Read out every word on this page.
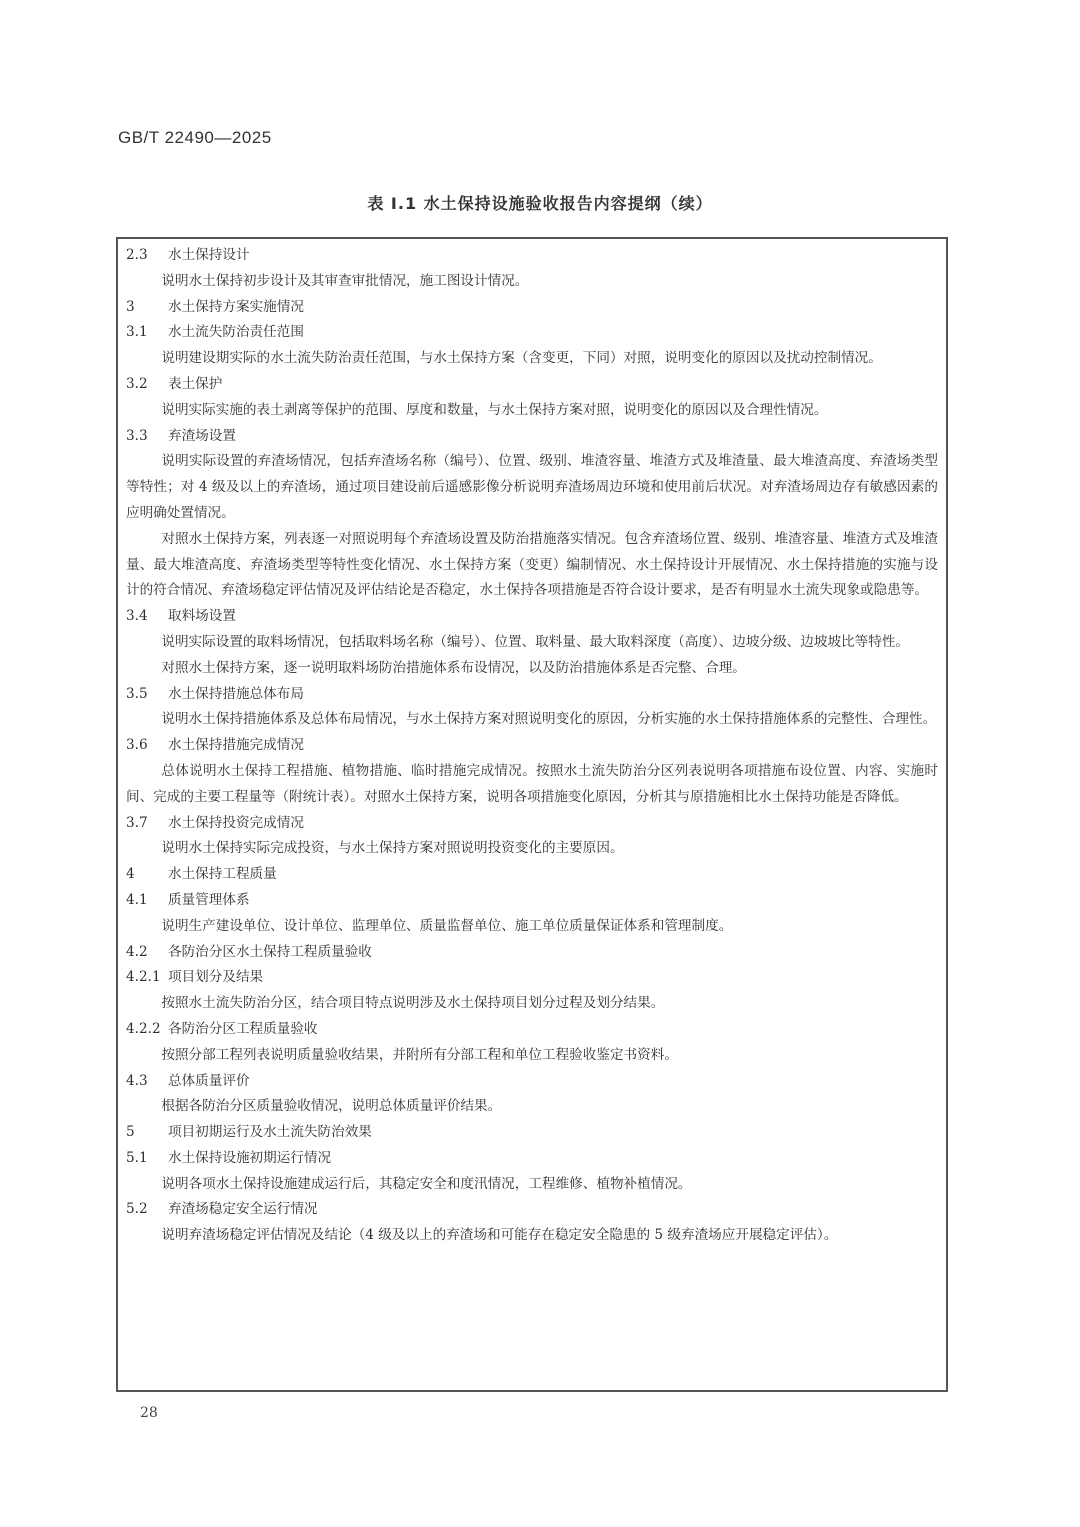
GB/T 22490—2025
表 I.1 水土保持设施验收报告内容提纲（续）

2.3 水土保持设计

说明水土保持初步设计及其审查审批情况，施工图设计情况。

3 水土保持方案实施情况

3.1 水土流失防治责任范围

说明建设期实际的水土流失防治责任范围，与水土保持方案（含变更，下同）对照，说明变化的原因以及扰动控制情况。

3.2 表土保护

说明实际实施的表土剥离等保护的范围、厚度和数量，与水土保持方案对照，说明变化的原因以及合理性情况。

3.3 弃渣场设置

说明实际设置的弃渣场情况，包括弃渣场名称（编号）、位置、级别、堆渣容量、堆渣方式及堆渣量、最大堆渣高度、弃渣场类型等特性；对 4 级及以上的弃渣场，通过项目建设前后遥感影像分析说明弃渣场周边环境和使用前后状况。对弃渣场周边存有敏感因素的应明确处置情况。

对照水土保持方案，列表逐一对照说明每个弃渣场设置及防治措施落实情况。包含弃渣场位置、级别、堆渣容量、堆渣方式及堆渣量、最大堆渣高度、弃渣场类型等特性变化情况、水土保持方案（变更）编制情况、水土保持设计开展情况、水土保持措施的实施与设计的符合情况、弃渣场稳定评估情况及评估结论是否稳定，水土保持各项措施是否符合设计要求，是否有明显水土流失现象或隐患等。

3.4 取料场设置

说明实际设置的取料场情况，包括取料场名称（编号）、位置、取料量、最大取料深度（高度）、边坡分级、边坡坡比等特性。

对照水土保持方案，逐一说明取料场防治措施体系布设情况，以及防治措施体系是否完整、合理。

3.5 水土保持措施总体布局

说明水土保持措施体系及总体布局情况，与水土保持方案对照说明变化的原因，分析实施的水土保持措施体系的完整性、合理性。

3.6 水土保持措施完成情况

总体说明水土保持工程措施、植物措施、临时措施完成情况。按照水土流失防治分区列表说明各项措施布设位置、内容、实施时间、完成的主要工程量等（附统计表）。对照水土保持方案，说明各项措施变化原因，分析其与原措施相比水土保持功能是否降低。

3.7 水土保持投资完成情况

说明水土保持实际完成投资，与水土保持方案对照说明投资变化的主要原因。

4 水土保持工程质量

4.1 质量管理体系

说明生产建设单位、设计单位、监理单位、质量监督单位、施工单位质量保证体系和管理制度。

4.2 各防治分区水土保持工程质量验收

4.2.1 项目划分及结果

按照水土流失防治分区，结合项目特点说明涉及水土保持项目划分过程及划分结果。

4.2.2 各防治分区工程质量验收

按照分部工程列表说明质量验收结果，并附所有分部工程和单位工程验收鉴定书资料。

4.3 总体质量评价

根据各防治分区质量验收情况，说明总体质量评价结果。

5 项目初期运行及水土流失防治效果

5.1 水土保持设施初期运行情况

说明各项水土保持设施建成运行后，其稳定安全和度汛情况，工程维修、植物补植情况。

5.2 弃渣场稳定安全运行情况

说明弃渣场稳定评估情况及结论（4 级及以上的弃渣场和可能存在稳定安全隐患的 5 级弃渣场应开展稳定评估）。

28
